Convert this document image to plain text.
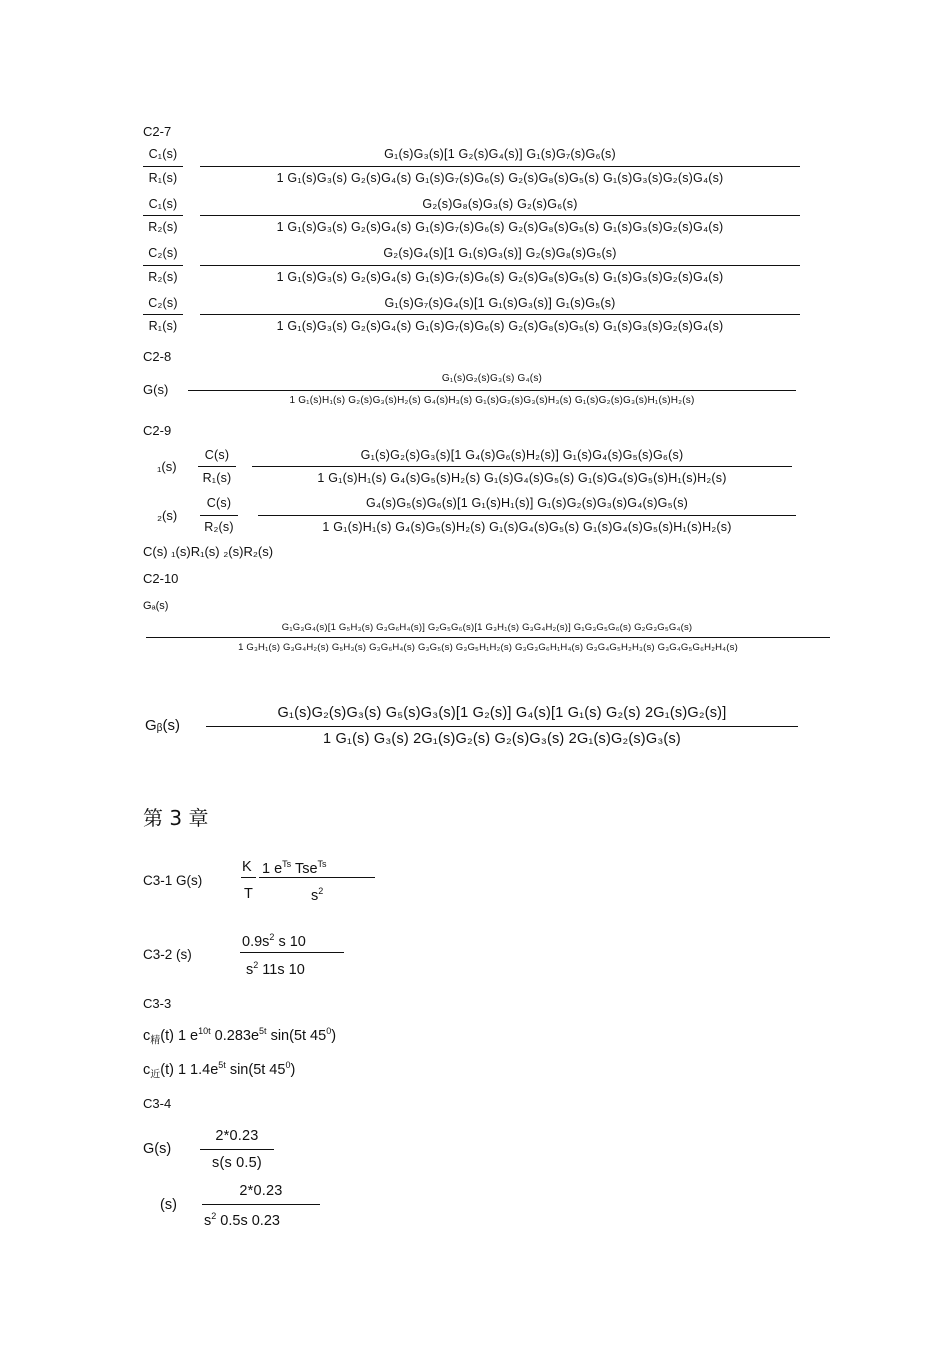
C2-7
C₁(s)
R₁(s)
G₁(s)G₃(s)[1 G₂(s)G₄(s)] G₁(s)G₇(s)G₆(s)
1 G₁(s)G₃(s) G₂(s)G₄(s) G₁(s)G₇(s)G₆(s) G₂(s)G₈(s)G₅(s) G₁(s)G₃(s)G₂(s)G₄(s)
C₁(s)
R₂(s)
G₂(s)G₈(s)G₃(s) G₂(s)G₆(s)
1 G₁(s)G₃(s) G₂(s)G₄(s) G₁(s)G₇(s)G₆(s) G₂(s)G₈(s)G₅(s) G₁(s)G₃(s)G₂(s)G₄(s)
C₂(s)
R₂(s)
G₂(s)G₄(s)[1 G₁(s)G₃(s)] G₂(s)G₈(s)G₅(s)
1 G₁(s)G₃(s) G₂(s)G₄(s) G₁(s)G₇(s)G₆(s) G₂(s)G₈(s)G₅(s) G₁(s)G₃(s)G₂(s)G₄(s)
C₂(s)
R₁(s)
G₁(s)G₇(s)G₄(s)[1 G₁(s)G₃(s)] G₁(s)G₅(s)
1 G₁(s)G₃(s) G₂(s)G₄(s) G₁(s)G₇(s)G₆(s) G₂(s)G₈(s)G₅(s) G₁(s)G₃(s)G₂(s)G₄(s)
C2-8
G(s)
G₁(s)G₂(s)G₃(s) G₄(s)
1 G₁(s)H₁(s) G₂(s)G₃(s)H₂(s) G₄(s)H₃(s) G₁(s)G₂(s)G₃(s)H₃(s) G₁(s)G₂(s)G₃(s)H₁(s)H₂(s)
C2-9
₁(s)
C(s)
R₁(s)
G₁(s)G₂(s)G₃(s)[1 G₄(s)G₆(s)H₂(s)] G₁(s)G₄(s)G₅(s)G₆(s)
1 G₁(s)H₁(s) G₄(s)G₅(s)H₂(s) G₁(s)G₄(s)G₅(s) G₁(s)G₄(s)G₅(s)H₁(s)H₂(s)
₂(s)
C(s)
R₂(s)
G₄(s)G₅(s)G₆(s)[1 G₁(s)H₁(s)] G₁(s)G₂(s)G₃(s)G₄(s)G₅(s)
1 G₁(s)H₁(s) G₄(s)G₅(s)H₂(s) G₁(s)G₄(s)G₅(s) G₁(s)G₄(s)G₅(s)H₁(s)H₂(s)
C(s) ₁(s)R₁(s) ₂(s)R₂(s)
C2-10
Gₐ(s)
G₁G₃G₄(s)[1 G₅H₃(s) G₃G₆H₄(s)] G₂G₅G₆(s)[1 G₃H₁(s) G₃G₄H₂(s)] G₁G₃G₅G₆(s) G₂G₃G₅G₄(s)
1 G₃H₁(s) G₃G₄H₂(s) G₅H₃(s) G₃G₆H₄(s) G₃G₅(s) G₃G₅H₁H₂(s) G₃G₃G₆H₁H₄(s) G₃G₄G₅H₂H₃(s) G₃G₄G₅G₆H₂H₄(s)
Gᵦ(s)
G₁(s)G₂(s)G₃(s) G₅(s)G₃(s)[1 G₂(s)] G₄(s)[1 G₁(s) G₂(s) 2G₁(s)G₂(s)]
1 G₁(s) G₃(s) 2G₁(s)G₂(s) G₂(s)G₃(s) 2G₁(s)G₂(s)G₃(s)
第 3 章
C3-1 G(s)
K
T
1 $e^{Ts}$ Tse$^{Ts}$
$s^2$
C3-2 (s)
$0.9s^2$ s 10
$s^2$ 11s 10
C3-3
$c_精(t)$ 1 $e^{10t}$ $0.283e^{5t}$ sin(5t $45^0$)
$c_近(t)$ 1 $1.4e^{5t}$ sin(5t $45^0$)
C3-4
G(s)
2*0.23
s(s 0.5)
(s)
2*0.23
$s^2$ 0.5s 0.23
